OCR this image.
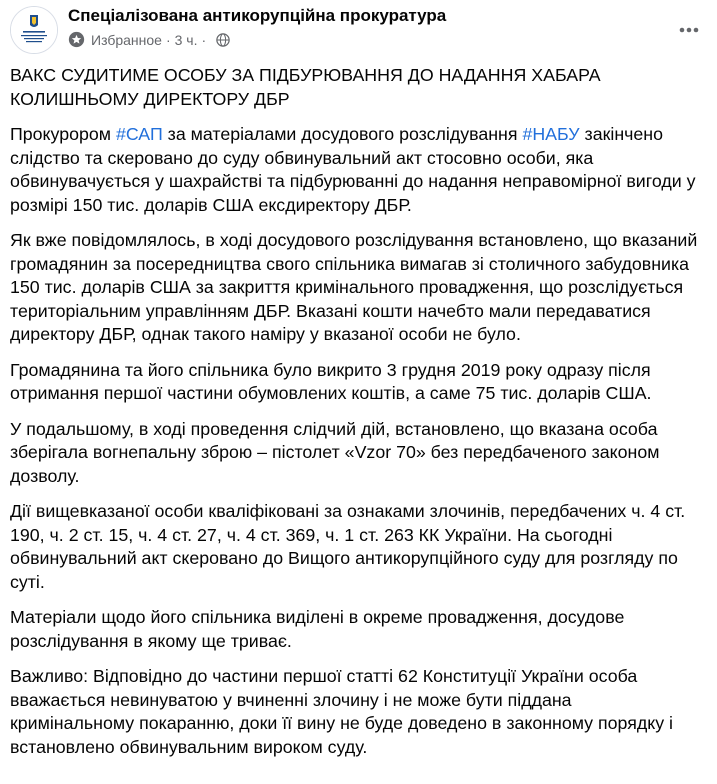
Спеціалізована антикорупційна прокуратура
Избранное · 3 ч. ·

ВАКС СУДИТИМЕ ОСОБУ ЗА ПІДБУРЮВАННЯ ДО НАДАННЯ ХАБАРА
КОЛИШНЬОМУ ДИРЕКТОРУ ДБР

Прокурором #САП за матеріалами досудового розслідування #НАБУ закінчено слідство та скеровано до суду обвинувальний акт стосовно особи, яка обвинувачується у шахрайстві та підбурюванні до надання неправомірної вигоди у розмірі 150 тис. доларів США ексдиректору ДБР.

Як вже повідомлялось, в ході досудового розслідування встановлено, що вказаний громадянин за посередництва свого спільника вимагав зі столичного забудовника 150 тис. доларів США за закриття кримінального провадження, що розслідується територіальним управлінням ДБР. Вказані кошти начебто мали передаватися директору ДБР, однак такого наміру у вказаної особи не було.

Громадянина та його спільника було викрито 3 грудня 2019 року одразу після отримання першої частини обумовлених коштів, а саме 75 тис. доларів США.

У подальшому, в ході проведення слідчий дій, встановлено, що вказана особа зберігала вогнепальну зброю – пістолет «Vzor 70» без передбаченого законом дозволу.

Дії вищевказаної особи кваліфіковані за ознаками злочинів, передбачених ч. 4 ст. 190, ч. 2 ст. 15, ч. 4 ст. 27, ч. 4 ст. 369, ч. 1 ст. 263 КК України. На сьогодні обвинувальний акт скеровано до Вищого антикорупційного суду для розгляду по суті.

Матеріали щодо його спільника виділені в окреме провадження, досудове розслідування в якому ще триває.

Важливо: Відповідно до частини першої статті 62 Конституції України особа вважається невинуватою у вчиненні злочину і не може бути піддана кримінальному покаранню, доки її вину не буде доведено в законному порядку і встановлено обвинувальним вироком суду.
